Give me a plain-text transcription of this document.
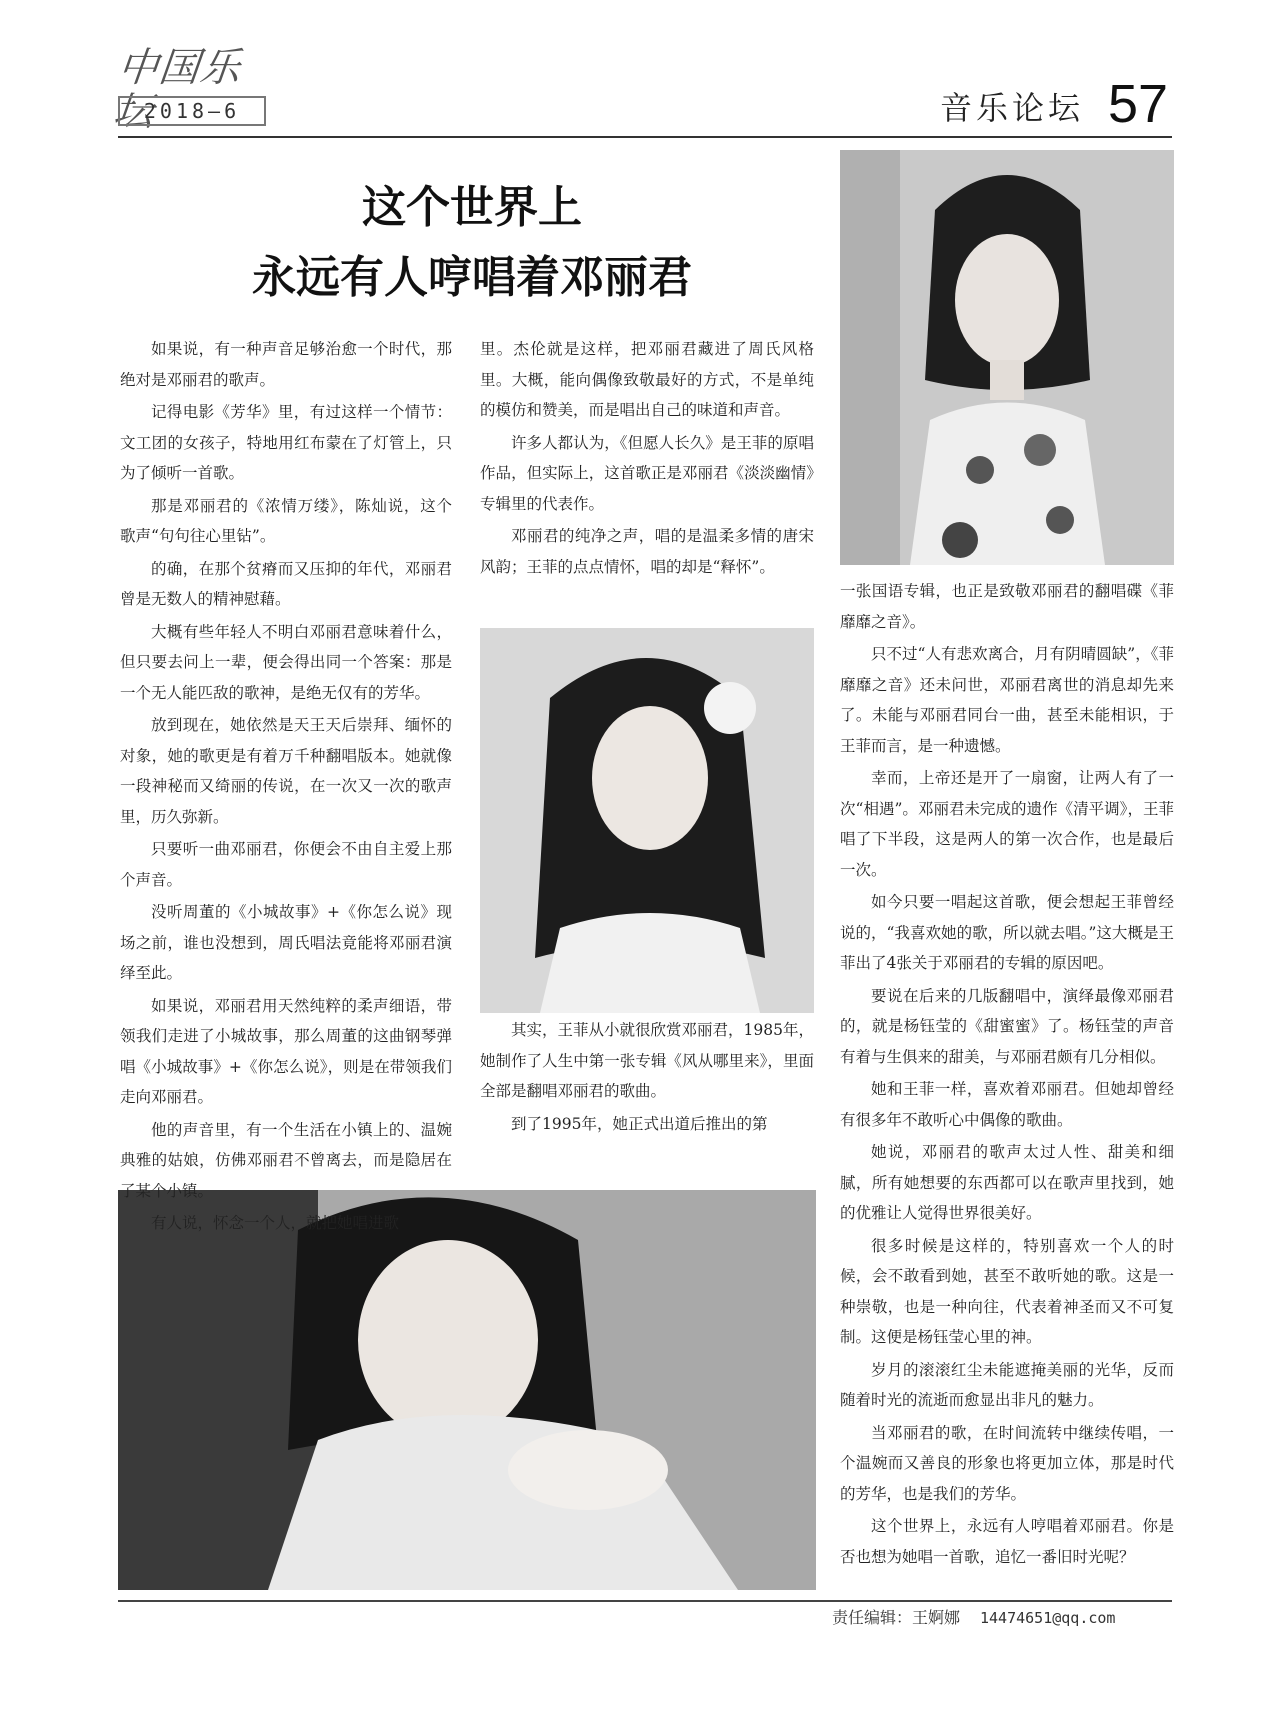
中国乐坛
2018—6	音乐论坛 57
这个世界上
永远有人哼唱着邓丽君

如果说，有一种声音足够治愈一个时代，那绝对是邓丽君的歌声。

记得电影《芳华》里，有过这样一个情节：文工团的女孩子，特地用红布蒙在了灯管上，只为了倾听一首歌。

那是邓丽君的《浓情万缕》，陈灿说，这个歌声“句句往心里钻”。

的确，在那个贫瘠而又压抑的年代，邓丽君曾是无数人的精神慰藉。

大概有些年轻人不明白邓丽君意味着什么，但只要去问上一辈，便会得出同一个答案：那是一个无人能匹敌的歌神，是绝无仅有的芳华。

放到现在，她依然是天王天后崇拜、缅怀的对象，她的歌更是有着万千种翻唱版本。她就像一段神秘而又绮丽的传说，在一次又一次的歌声里，历久弥新。

只要听一曲邓丽君，你便会不由自主爱上那个声音。

没听周董的《小城故事》+《你怎么说》现场之前，谁也没想到，周氏唱法竟能将邓丽君演绎至此。

如果说，邓丽君用天然纯粹的柔声细语，带领我们走进了小城故事，那么周董的这曲钢琴弹唱《小城故事》+《你怎么说》，则是在带领我们走向邓丽君。

他的声音里，有一个生活在小镇上的、温婉典雅的姑娘，仿佛邓丽君不曾离去，而是隐居在了某个小镇。

有人说，怀念一个人，就把她唱进歌

里。杰伦就是这样，把邓丽君藏进了周氏风格里。大概，能向偶像致敬最好的方式，不是单纯的模仿和赞美，而是唱出自己的味道和声音。

许多人都认为，《但愿人长久》是王菲的原唱作品，但实际上，这首歌正是邓丽君《淡淡幽情》专辑里的代表作。

邓丽君的纯净之声，唱的是温柔多情的唐宋风韵；王菲的点点情怀，唱的却是“释怀”。

其实，王菲从小就很欣赏邓丽君，1985年，她制作了人生中第一张专辑《风从哪里来》，里面全部是翻唱邓丽君的歌曲。

到了1995年，她正式出道后推出的第

一张国语专辑，也正是致敬邓丽君的翻唱碟《菲靡靡之音》。

只不过“人有悲欢离合，月有阴晴圆缺”，《菲靡靡之音》还未问世，邓丽君离世的消息却先来了。未能与邓丽君同台一曲，甚至未能相识，于王菲而言，是一种遗憾。

幸而，上帝还是开了一扇窗，让两人有了一次“相遇”。邓丽君未完成的遗作《清平调》，王菲唱了下半段，这是两人的第一次合作，也是最后一次。

如今只要一唱起这首歌，便会想起王菲曾经说的，“我喜欢她的歌，所以就去唱。”这大概是王菲出了4张关于邓丽君的专辑的原因吧。

要说在后来的几版翻唱中，演绎最像邓丽君的，就是杨钰莹的《甜蜜蜜》了。杨钰莹的声音有着与生俱来的甜美，与邓丽君颇有几分相似。

她和王菲一样，喜欢着邓丽君。但她却曾经有很多年不敢听心中偶像的歌曲。

她说，邓丽君的歌声太过人性、甜美和细腻，所有她想要的东西都可以在歌声里找到，她的优雅让人觉得世界很美好。

很多时候是这样的，特别喜欢一个人的时候，会不敢看到她，甚至不敢听她的歌。这是一种崇敬，也是一种向往，代表着神圣而又不可复制。这便是杨钰莹心里的神。

岁月的滚滚红尘未能遮掩美丽的光华，反而随着时光的流逝而愈显出非凡的魅力。

当邓丽君的歌，在时间流转中继续传唱，一个温婉而又善良的形象也将更加立体，那是时代的芳华，也是我们的芳华。

这个世界上，永远有人哼唱着邓丽君。你是否也想为她唱一首歌，追忆一番旧时光呢？

责任编辑：王婀娜 14474651@qq.com
